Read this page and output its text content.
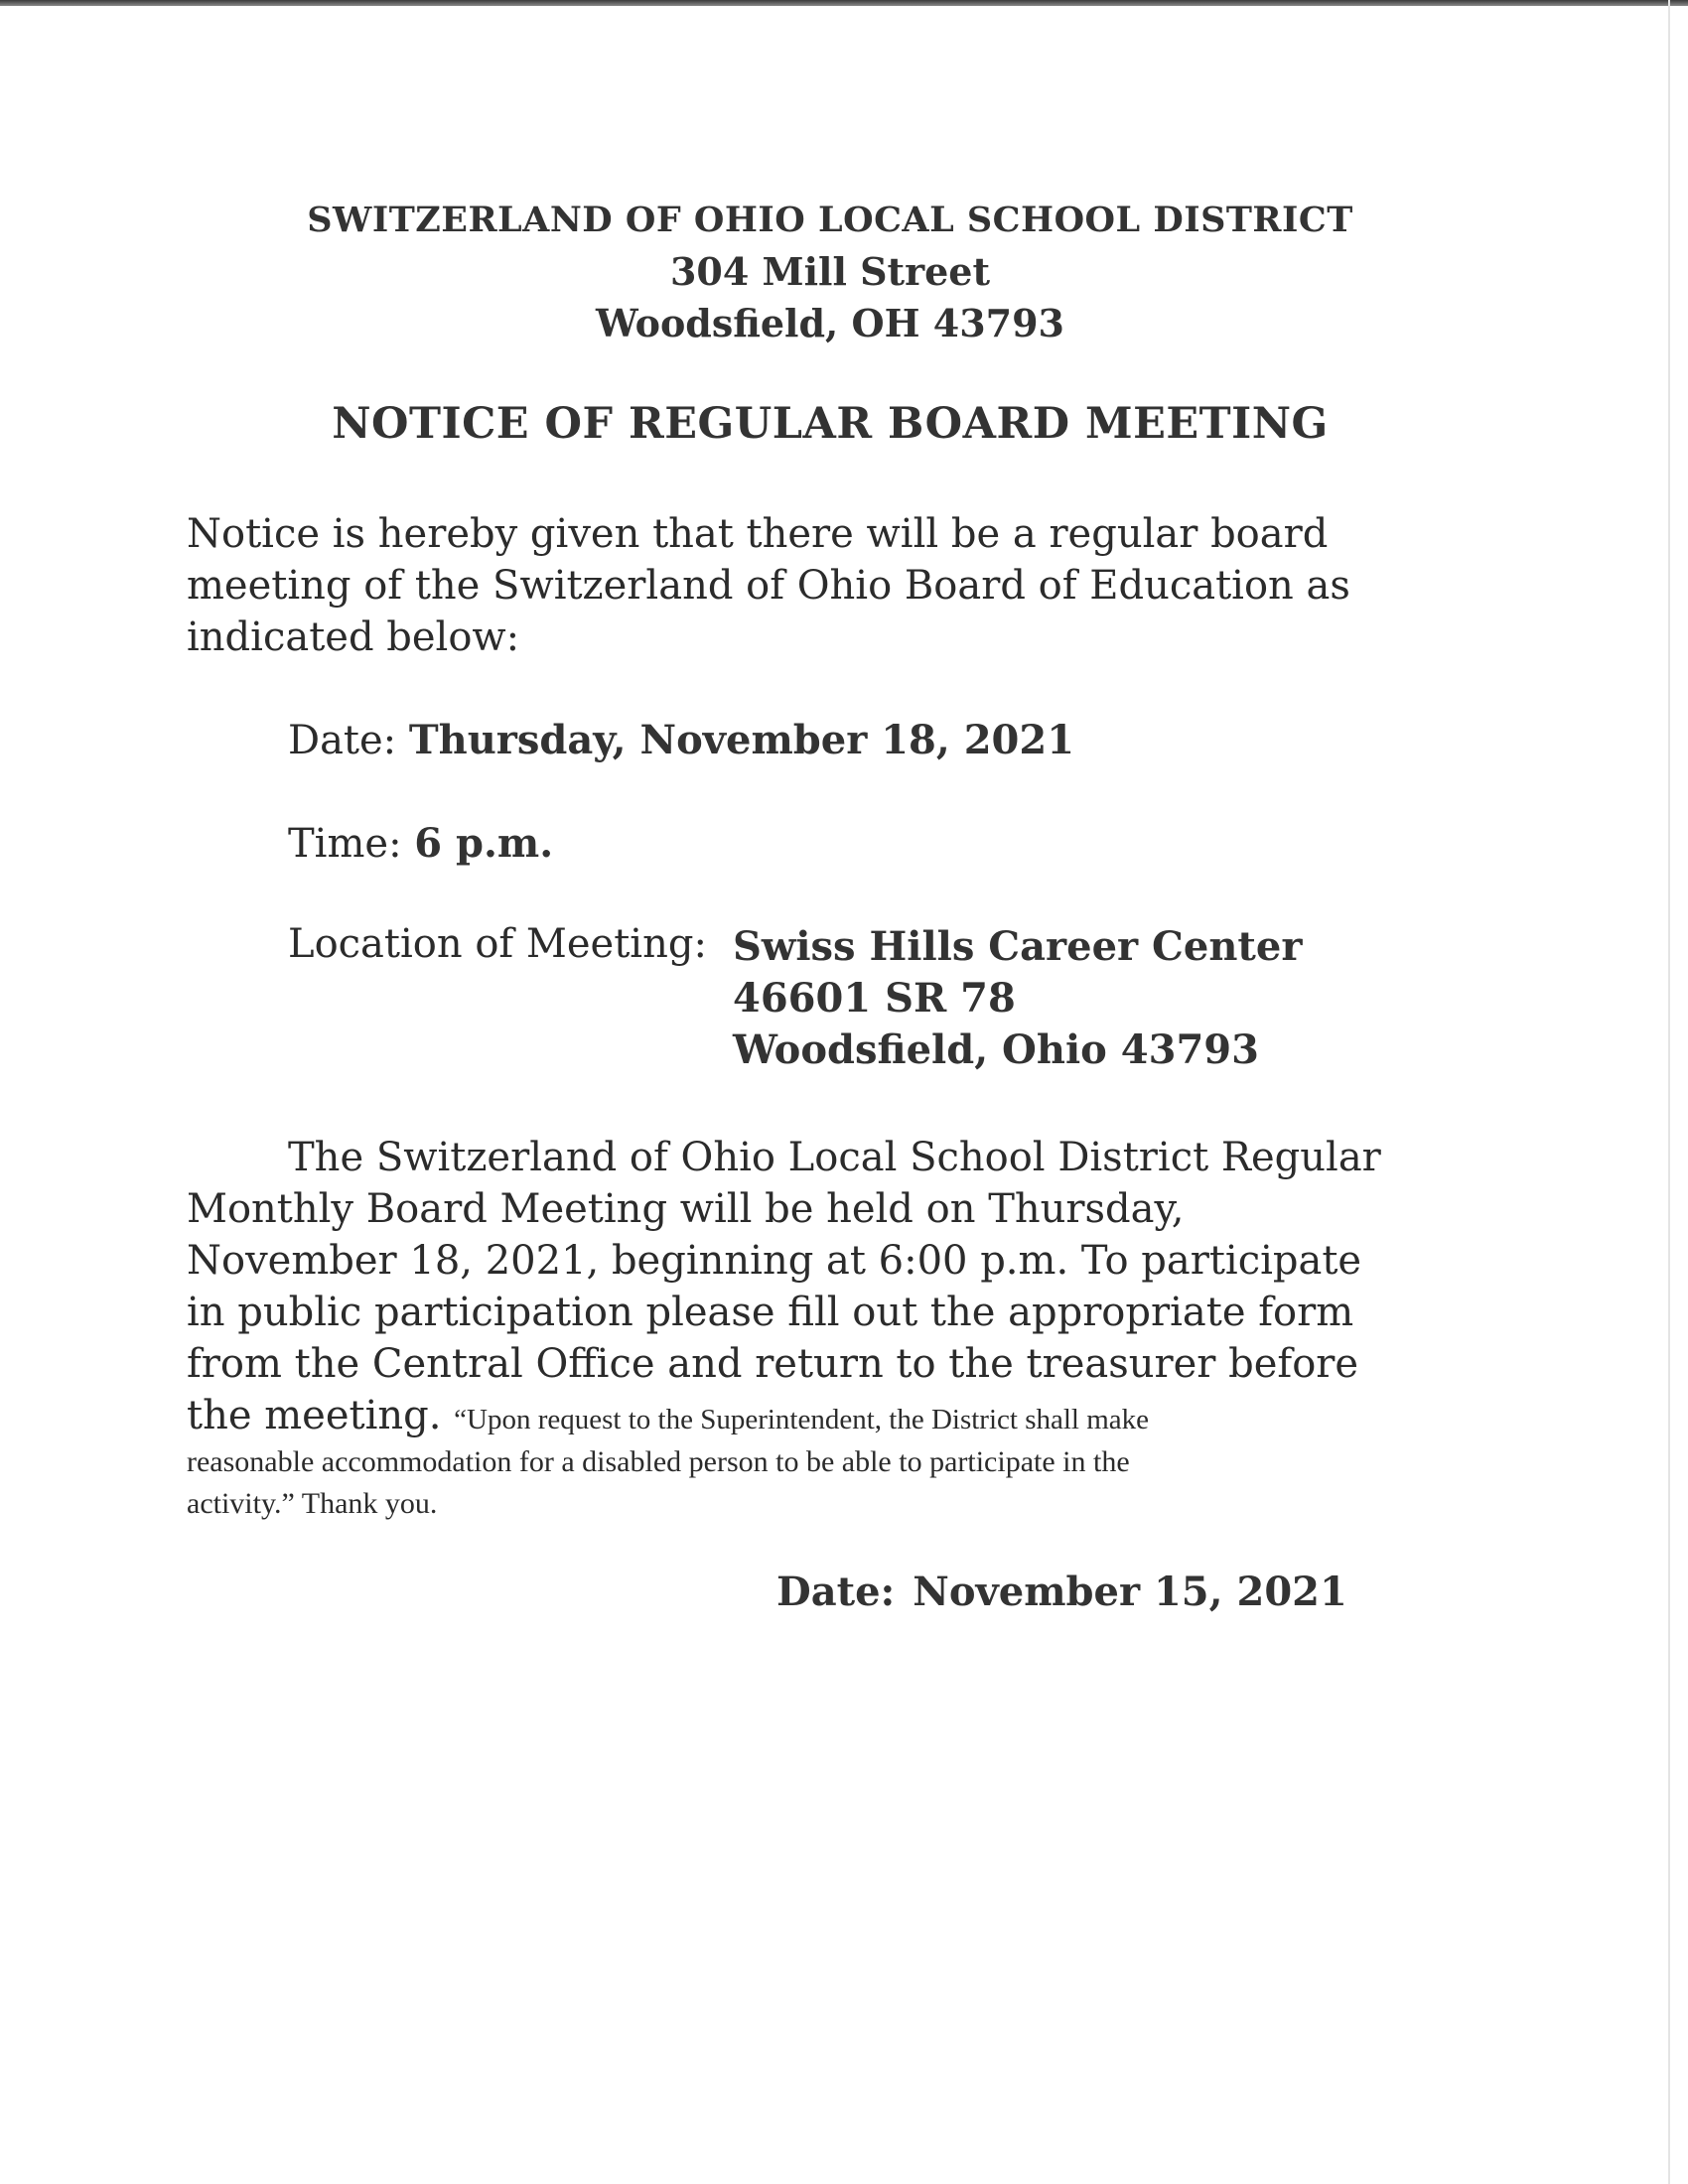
SWITZERLAND OF OHIO LOCAL SCHOOL DISTRICT
304 Mill Street
Woodsfield, OH 43793
NOTICE OF REGULAR BOARD MEETING
Notice is hereby given that there will be a regular board
meeting of the Switzerland of Ohio Board of Education as
indicated below:
Date: Thursday, November 18, 2021
Time: 6 p.m.
Location of Meeting: Swiss Hills Career Center
46601 SR 78
Woodsfield, Ohio 43793
The Switzerland of Ohio Local School District Regular
Monthly Board Meeting will be held on Thursday,
November 18, 2021, beginning at 6:00 p.m. To participate
in public participation please fill out the appropriate form
from the Central Office and return to the treasurer before
the meeting. “Upon request to the Superintendent, the District shall make
reasonable accommodation for a disabled person to be able to participate in the
activity.” Thank you.
Date: November 15, 2021
